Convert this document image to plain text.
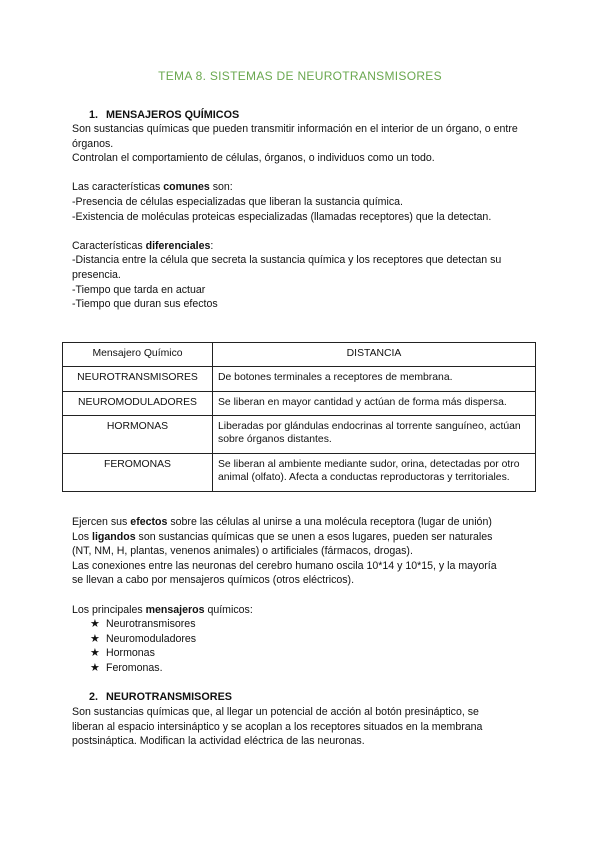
TEMA 8. SISTEMAS DE NEUROTRANSMISORES
1. MENSAJEROS QUÍMICOS

Son sustancias químicas que pueden transmitir información en el interior de un órgano, o entre

órganos.

Controlan el comportamiento de células, órganos, o individuos como un todo.

Las características comunes son:

-Presencia de células especializadas que liberan la sustancia química.

-Existencia de moléculas proteicas especializadas (llamadas receptores) que la detectan.

Características diferenciales:

-Distancia entre la célula que secreta la sustancia química y los receptores que detectan su

presencia.

-Tiempo que tarda en actuar

-Tiempo que duran sus efectos

Mensajero Químico	DISTANCIA
NEUROTRANSMISORES	De botones terminales a receptores de membrana.
NEUROMODULADORES	Se liberan en mayor cantidad y actúan de forma más dispersa.
HORMONAS	Liberadas por glándulas endocrinas al torrente sanguíneo, actúan sobre órganos distantes.
FEROMONAS	Se liberan al ambiente mediante sudor, orina, detectadas por otro animal (olfato). Afecta a conductas reproductoras y territoriales.

Ejercen sus efectos sobre las células al unirse a una molécula receptora (lugar de unión)

Los ligandos son sustancias químicas que se unen a esos lugares, pueden ser naturales

(NT, NM, H, plantas, venenos animales) o artificiales (fármacos, drogas).

Las conexiones entre las neuronas del cerebro humano oscila 10*14 y 10*15, y la mayoría

se llevan a cabo por mensajeros químicos (otros eléctricos).

Los principales mensajeros químicos:

★ Neurotransmisores
★ Neuromoduladores
★ Hormonas
★ Feromonas.
2. NEUROTRANSMISORES

Son sustancias químicas que, al llegar un potencial de acción al botón presináptico, se

liberan al espacio intersináptico y se acoplan a los receptores situados en la membrana

postsináptica. Modifican la actividad eléctrica de las neuronas.
